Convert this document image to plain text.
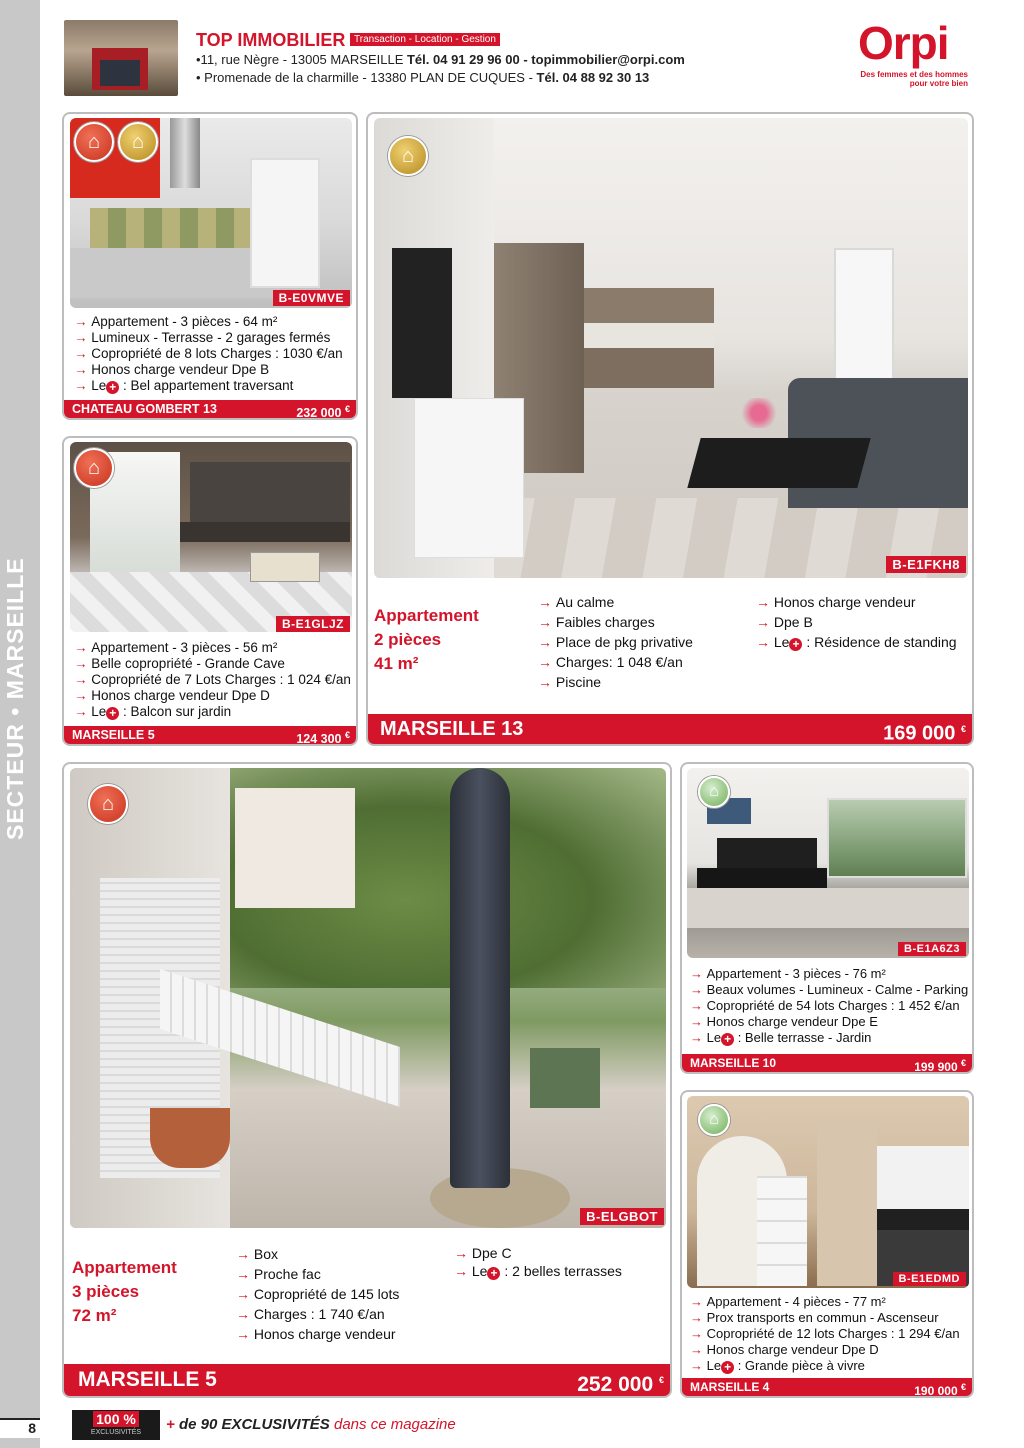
SECTEUR • MARSEILLE
8
TOP IMMOBILIER Transaction - Location - Gestion
•11, rue Nègre - 13005 MARSEILLE Tél. 04 91 29 96 00 - topimmobilier@orpi.com
• Promenade de la charmille - 13380 PLAN DE CUQUES - Tél. 04 88 92 30 13
Orpi
Des femmes et des hommes
pour votre bien
⌂	⌂
B-E0VMVE
→ Appartement - 3 pièces - 64 m²
→ Lumineux - Terrasse - 2 garages fermés
→ Copropriété de 8 lots Charges : 1030 €/an
→ Honos charge vendeur Dpe B
→ Le + : Bel appartement traversant
CHATEAU GOMBERT 13	232 000 €
⌂
B-E1GLJZ
→ Appartement - 3 pièces - 56 m²
→ Belle copropriété - Grande Cave
→ Copropriété de 7 Lots Charges : 1 024 €/an
→ Honos charge vendeur Dpe D
→ Le + : Balcon sur jardin
MARSEILLE 5	124 300 €
⌂
B-E1FKH8
Appartement
2 pièces
41 m²
→ Au calme
→ Faibles charges
→ Place de pkg privative
→ Charges: 1 048 €/an
→ Piscine
→ Honos charge vendeur
→ Dpe B
→ Le + : Résidence de standing
MARSEILLE 13	169 000 €
⌂
B-ELGBOT
Appartement
3 pièces
72 m²
→ Box
→ Proche fac
→ Copropriété de 145 lots
→ Charges : 1 740 €/an
→ Honos charge vendeur
→ Dpe C
→ Le + : 2 belles terrasses
MARSEILLE 5	252 000 €
⌂
B-E1A6Z3
→ Appartement - 3 pièces - 76 m²
→ Beaux volumes - Lumineux - Calme - Parking
→ Copropriété de 54 lots Charges : 1 452 €/an
→ Honos charge vendeur Dpe E
→ Le + : Belle terrasse - Jardin
MARSEILLE 10	199 900 €
⌂
B-E1EDMD
→ Appartement - 4 pièces - 77 m²
→ Prox transports en commun - Ascenseur
→ Copropriété de 12 lots Charges : 1 294 €/an
→ Honos charge vendeur Dpe D
→ Le + : Grande pièce à vivre
MARSEILLE 4	190 000 €
100 %
EXCLUSIVITÉS	+ de 90 EXCLUSIVITÉS dans ce magazine
